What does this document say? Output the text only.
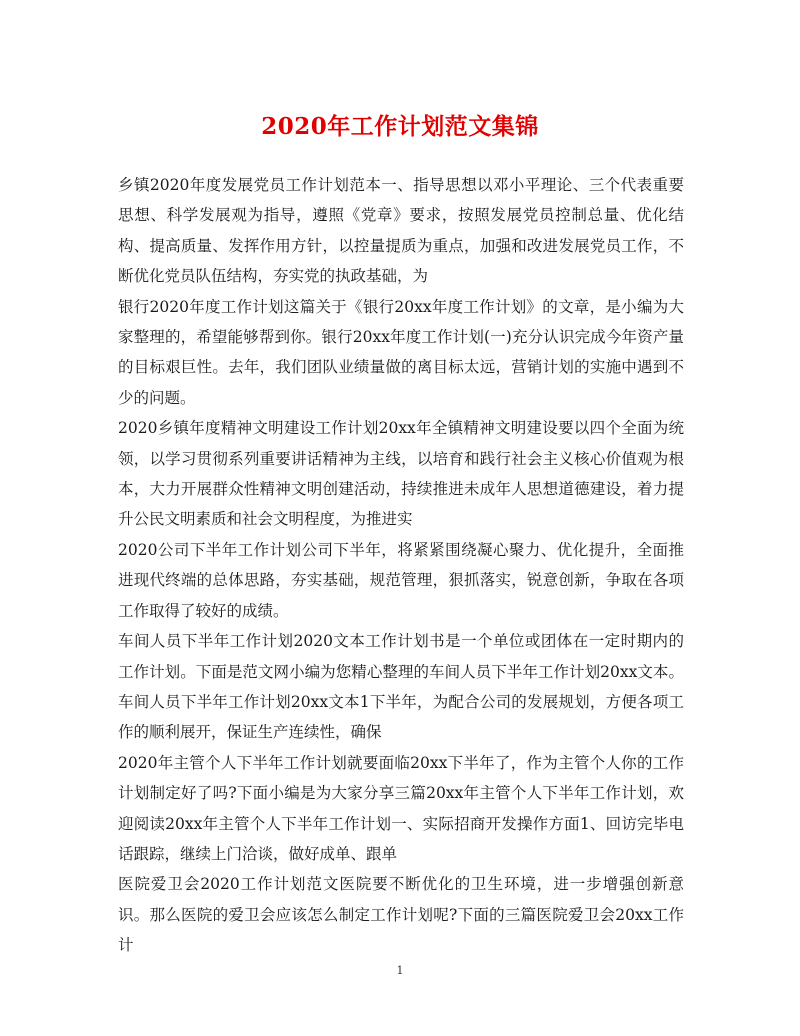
2020年工作计划范文集锦

乡镇2020年度发展党员工作计划范本一、指导思想以邓小平理论、三个代表重要思想、科学发展观为指导，遵照《党章》要求，按照发展党员控制总量、优化结构、提高质量、发挥作用方针，以控量提质为重点，加强和改进发展党员工作，不断优化党员队伍结构，夯实党的执政基础，为

银行2020年度工作计划这篇关于《银行20xx年度工作计划》的文章，是小编为大家整理的，希望能够帮到你。银行20xx年度工作计划(一)充分认识完成今年资产量的目标艰巨性。去年，我们团队业绩量做的离目标太远，营销计划的实施中遇到不少的问题。

2020乡镇年度精神文明建设工作计划20xx年全镇精神文明建设要以四个全面为统领，以学习贯彻系列重要讲话精神为主线，以培育和践行社会主义核心价值观为根本，大力开展群众性精神文明创建活动，持续推进未成年人思想道德建设，着力提升公民文明素质和社会文明程度，为推进实

2020公司下半年工作计划公司下半年，将紧紧围绕凝心聚力、优化提升，全面推进现代终端的总体思路，夯实基础，规范管理，狠抓落实，锐意创新，争取在各项工作取得了较好的成绩。

车间人员下半年工作计划2020文本工作计划书是一个单位或团体在一定时期内的工作计划。下面是范文网小编为您精心整理的车间人员下半年工作计划20xx文本。车间人员下半年工作计划20xx文本1下半年，为配合公司的发展规划，方便各项工作的顺利展开，保证生产连续性，确保

2020年主管个人下半年工作计划就要面临20xx下半年了，作为主管个人你的工作计划制定好了吗?下面小编是为大家分享三篇20xx年主管个人下半年工作计划，欢迎阅读20xx年主管个人下半年工作计划一、实际招商开发操作方面1、回访完毕电话跟踪，继续上门洽谈，做好成单、跟单

医院爱卫会2020工作计划范文医院要不断优化的卫生环境，进一步增强创新意识。那么医院的爱卫会应该怎么制定工作计划呢?下面的三篇医院爱卫会20xx工作计

1
